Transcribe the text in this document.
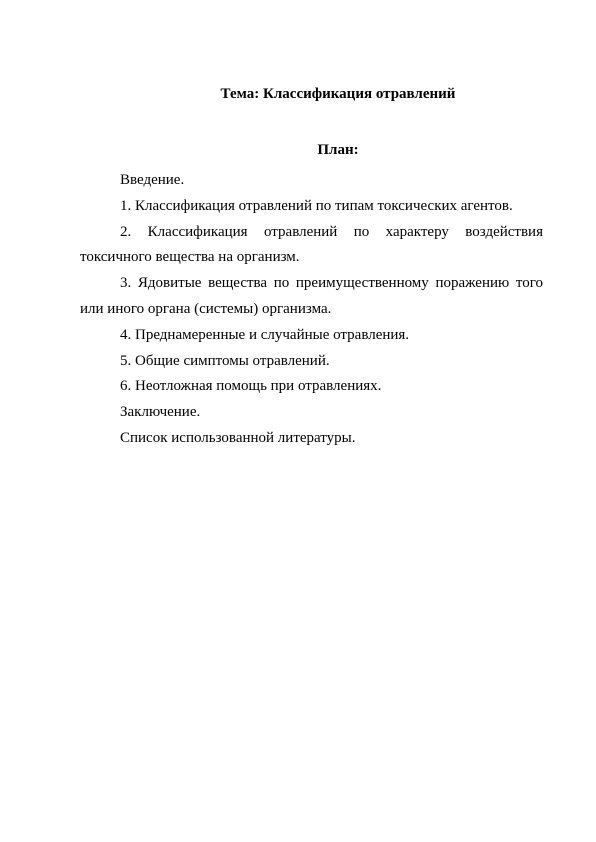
Тема: Классификация отравлений
План:

Введение.

1. Классификация отравлений по типам токсических агентов.

2. Классификация отравлений по характеру воздействия токсичного вещества на организм.

3. Ядовитые вещества по преимущественному поражению того или иного органа (системы) организма.

4. Преднамеренные и случайные отравления.

5. Общие симптомы отравлений.

6. Неотложная помощь при отравлениях.

Заключение.

Список использованной литературы.
